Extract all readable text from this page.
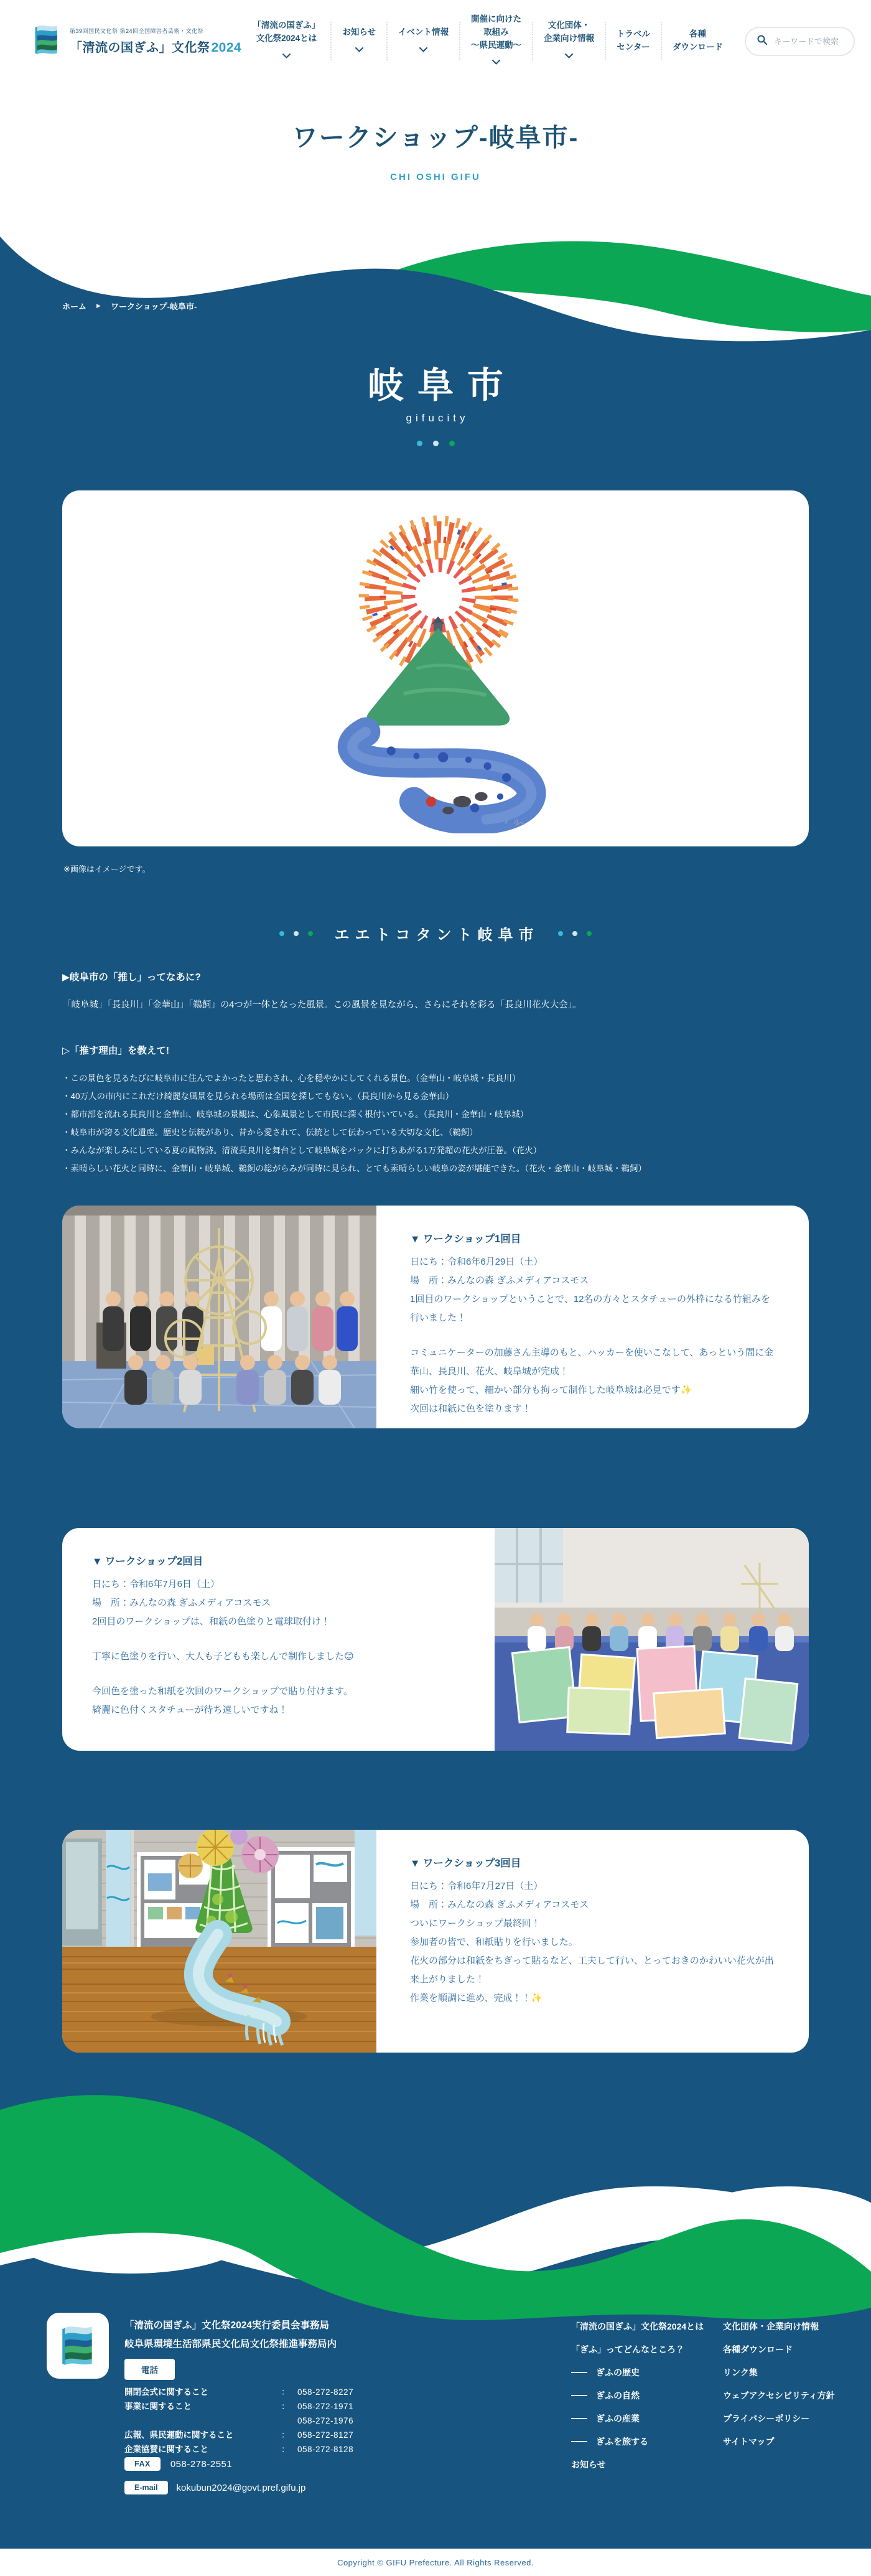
第39回国民文化祭 第24回全国障害者芸術・文化祭
「清流の国ぎふ」文化祭2024
「清流の国ぎふ」
文化祭2024とは
お知らせ	イベント情報
開催に向けた
取組み
～県民運動～
文化団体・
企業向け情報	トラベル
センター
各種
ダウンロード
キーワードで検索
ワークショップ-岐阜市-
CHI OSHI GIFU
ホーム ▶ ワークショップ-岐阜市-
岐阜市
gifucity
※画像はイメージです。
エエトコタント岐阜市
▶岐阜市の「推し」ってなあに?
「岐阜城」「長良川」「金華山」「鵜飼」の4つが一体となった風景。この風景を見ながら、さらにそれを彩る「長良川花火大会」。
▷「推す理由」を教えて!
・この景色を見るたびに岐阜市に住んでよかったと思わされ、心を穏やかにしてくれる景色。（金華山・岐阜城・長良川）
・40万人の市内にこれだけ綺麗な風景を見られる場所は全国を探してもない。（長良川から見る金華山）
・都市部を流れる長良川と金華山、岐阜城の景観は、心象風景として市民に深く根付いている。（長良川・金華山・岐阜城）
・岐阜市が誇る文化遺産。歴史と伝統があり、昔から愛されて、伝統として伝わっている大切な文化、（鵜飼）
・みんなが楽しみにしている夏の風物詩。清流長良川を舞台として岐阜城をバックに打ちあがる1万発超の花火が圧巻。（花火）
・素晴らしい花火と同時に、金華山・岐阜城、鵜飼の総がらみが同時に見られ、とても素晴らしい岐阜の姿が堪能できた。（花火・金華山・岐阜城・鵜飼）

▼ ワークショップ1回目

日にち：令和6年6月29日（土）

場　所：みんなの森 ぎふメディアコスモス

1回目のワークショップということで、12名の方々とスタチューの外枠になる竹組みを行いました！

コミュニケーターの加藤さん主導のもと、ハッカーを使いこなして、あっという間に金華山、長良川、花火、岐阜城が完成！

細い竹を使って、細かい部分も拘って制作した岐阜城は必見です✨

次回は和紙に色を塗ります！

▼ ワークショップ2回目

日にち：令和6年7月6日（土）

場　所：みんなの森 ぎふメディアコスモス

2回目のワークショップは、和紙の色塗りと電球取付け！

丁寧に色塗りを行い、大人も子どもも楽しんで制作しました😊

今回色を塗った和紙を次回のワークショップで貼り付けます。

綺麗に色付くスタチューが待ち遠しいですね！

▼ ワークショップ3回目

日にち：令和6年7月27日（土）

場　所：みんなの森 ぎふメディアコスモス

ついにワークショップ最終回！

参加者の皆で、和紙貼りを行いました。

花火の部分は和紙をちぎって貼るなど、工夫して行い、とっておきのかわいい花火が出来上がりました！

作業を順調に進め、完成！！✨

「清流の国ぎふ」文化祭2024実行委員会事務局
岐阜県環境生活部県民文化局文化祭推進事務局内
電話
開閉会式に関すること	： 058-272-8227
事業に関すること	： 058-272-1971
058-272-1976
広報、県民運動に関すること	： 058-272-8127
企業協賛に関すること	： 058-272-8128
FAX	058-278-2551
E-mail	kokubun2024@govt.pref.gifu.jp
「清流の国ぎふ」文化祭2024とは
「ぎふ」ってどんなところ？
ぎふの歴史
ぎふの自然
ぎふの産業
ぎふを旅する
お知らせ
文化団体・企業向け情報
各種ダウンロード
リンク集
ウェブアクセシビリティ方針
プライバシーポリシー
サイトマップ
Copyright © GIFU Prefecture. All Rights Reserved.
